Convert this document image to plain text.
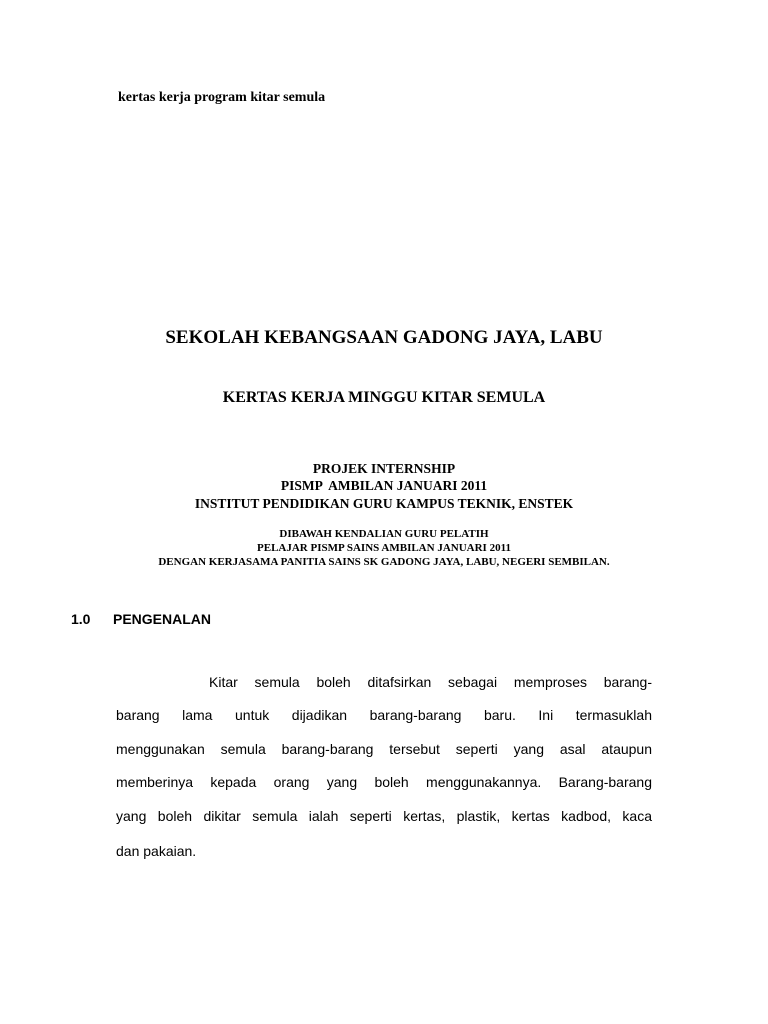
kertas kerja program kitar semula
SEKOLAH KEBANGSAAN GADONG JAYA, LABU
KERTAS KERJA MINGGU KITAR SEMULA
PROJEK INTERNSHIP
PISMP  AMBILAN JANUARI 2011
INSTITUT PENDIDIKAN GURU KAMPUS TEKNIK, ENSTEK
DIBAWAH KENDALIAN GURU PELATIH
PELAJAR PISMP SAINS AMBILAN JANUARI 2011
DENGAN KERJASAMA PANITIA SAINS SK GADONG JAYA, LABU, NEGERI SEMBILAN.
1.0 PENGENALAN
Kitar semula boleh ditafsirkan sebagai memproses barang-
barang lama untuk dijadikan barang-barang baru. Ini termasuklah
menggunakan semula barang-barang tersebut seperti yang asal ataupun
memberinya kepada orang yang boleh menggunakannya. Barang-barang
yang boleh dikitar semula ialah seperti kertas, plastik, kertas kadbod, kaca
dan pakaian.
